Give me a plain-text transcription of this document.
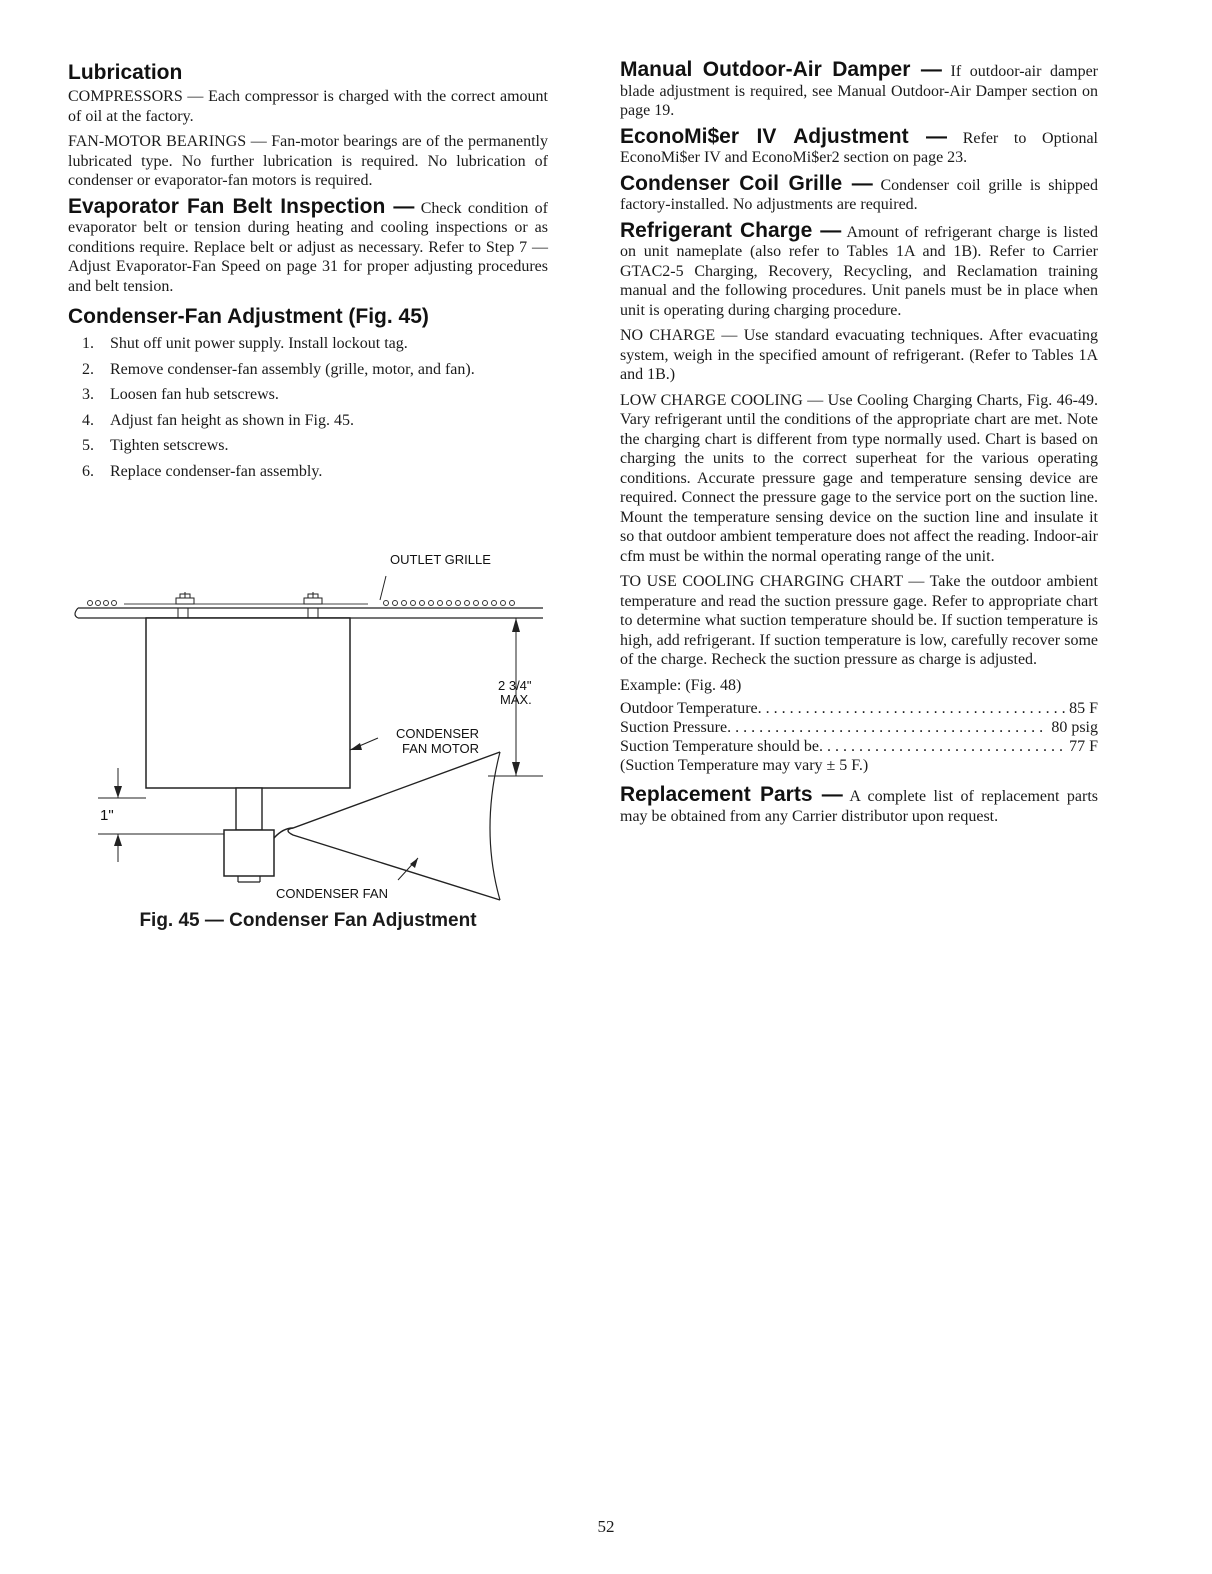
Lubrication

COMPRESSORS — Each compressor is charged with the correct amount of oil at the factory.

FAN-MOTOR BEARINGS — Fan-motor bearings are of the permanently lubricated type. No further lubrication is required. No lubrication of condenser or evaporator-fan motors is required.

Evaporator Fan Belt Inspection — Check condition of evaporator belt or tension during heating and cooling inspections or as conditions require. Replace belt or adjust as necessary. Refer to Step 7 — Adjust Evaporator-Fan Speed on page 31 for proper adjusting procedures and belt tension.

Condenser-Fan Adjustment (Fig. 45)
1.	Shut off unit power supply. Install lockout tag.
2.	Remove condenser-fan assembly (grille, motor, and fan).
3.	Loosen fan hub setscrews.
4.	Adjust fan height as shown in Fig. 45.
5.	Tighten setscrews.
6.	Replace condenser-fan assembly.
OUTLET GRILLE
2 3/4"
MAX.
CONDENSER
FAN MOTOR
1"
CONDENSER FAN
Fig. 45 — Condenser Fan Adjustment

Manual Outdoor-Air Damper — If outdoor-air damper blade adjustment is required, see Manual Outdoor-Air Damper section on page 19.

EconoMi$er IV Adjustment — Refer to Optional EconoMi$er IV and EconoMi$er2 section on page 23.

Condenser Coil Grille — Condenser coil grille is shipped factory-installed. No adjustments are required.

Refrigerant Charge — Amount of refrigerant charge is listed on unit nameplate (also refer to Tables 1A and 1B). Refer to Carrier GTAC2-5 Charging, Recovery, Recycling, and Reclamation training manual and the following procedures. Unit panels must be in place when unit is operating during charging procedure.

NO CHARGE — Use standard evacuating techniques. After evacuating system, weigh in the specified amount of refrigerant. (Refer to Tables 1A and 1B.)

LOW CHARGE COOLING — Use Cooling Charging Charts, Fig. 46-49. Vary refrigerant until the conditions of the appropriate chart are met. Note the charging chart is different from type normally used. Chart is based on charging the units to the correct superheat for the various operating conditions. Accurate pressure gage and temperature sensing device are required. Connect the pressure gage to the service port on the suction line. Mount the temperature sensing device on the suction line and insulate it so that outdoor ambient temperature does not affect the reading. Indoor-air cfm must be within the normal operating range of the unit.

TO USE COOLING CHARGING CHART — Take the outdoor ambient temperature and read the suction pressure gage. Refer to appropriate chart to determine what suction temperature should be. If suction temperature is high, add refrigerant. If suction temperature is low, carefully recover some of the charge. Recheck the suction pressure as charge is adjusted.

Example: (Fig. 48)

Outdoor Temperature . . .	85 F
Suction Pressure . . .	80 psig
Suction Temperature should be . . .	77 F
(Suction Temperature may vary ± 5 F.)

Replacement Parts — A complete list of replacement parts may be obtained from any Carrier distributor upon request.

52
